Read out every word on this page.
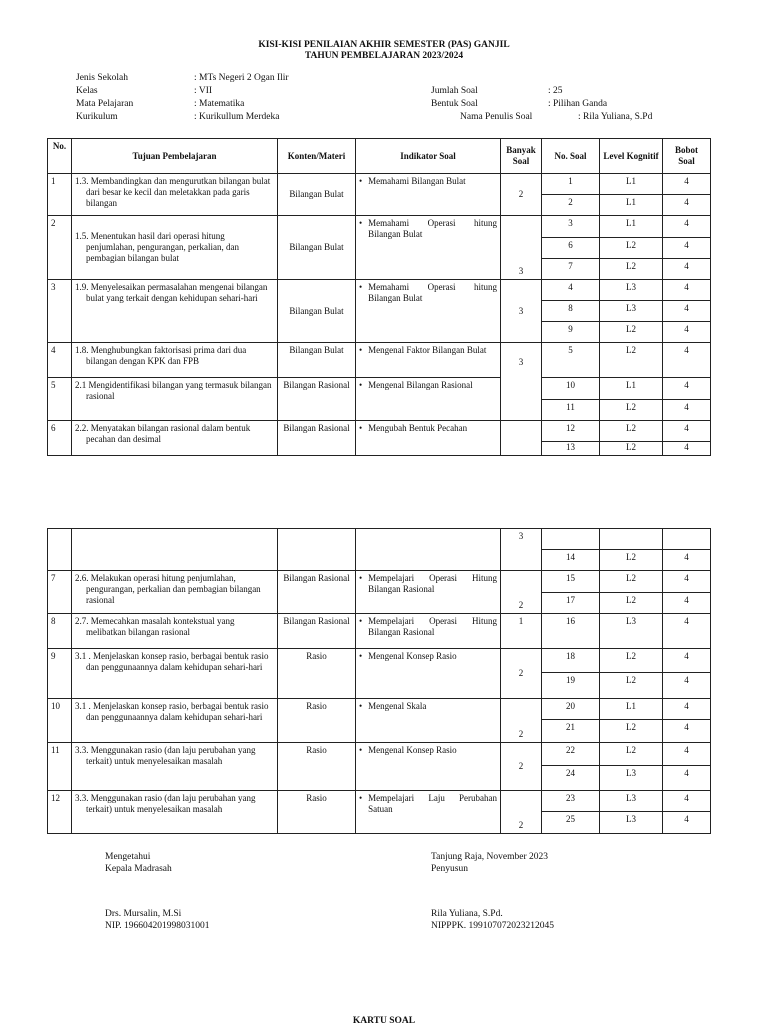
KISI-KISI PENILAIAN AKHIR SEMESTER (PAS) GANJIL
TAHUN PEMBELAJARAN 2023/2024
Jenis Sekolah	: MTs Negeri 2 Ogan Ilir
Kelas	: VII
Mata Pelajaran	: Matematika
Kurikulum	: Kurikullum Merdeka
Jumlah Soal	: 25
Bentuk Soal	: Pilihan Ganda
Nama Penulis Soal	: Rila Yuliana, S.Pd
No.	Tujuan Pembelajaran	Konten/Materi	Indikator Soal	Banyak Soal	No. Soal	Level Kognitif	Bobot Soal
1	1.3. Membandingkan dan mengurutkan bilangan bulat dari besar ke kecil dan meletakkan pada garis bilangan	Bilangan Bulat	• Memahami Bilangan Bulat	2	1	L1	4
					2	L1	4
2	1.5. Menentukan hasil dari operasi hitung penjumlahan, pengurangan, perkalian, dan pembagian bilangan bulat	Bilangan Bulat	• Memahami Operasi hitung Bilangan Bulat	3	3	L1	4
					6	L2	4
					7	L2	4
3	1.9. Menyelesaikan permasalahan mengenai bilangan bulat yang terkait dengan kehidupan sehari-hari	Bilangan Bulat	• Memahami Operasi hitung Bilangan Bulat	3	4	L3	4
					8	L3	4
					9	L2	4
4	1.8. Menghubungkan faktorisasi prima dari dua bilangan dengan KPK dan FPB	Bilangan Bulat	• Mengenal Faktor Bilangan Bulat	3	5	L2	4
5	2.1 Mengidentifikasi bilangan yang termasuk bilangan rasional	Bilangan Rasional	• Mengenal Bilangan Rasional		10	L1	4
					11	L2	4
6	2.2. Menyatakan bilangan rasional dalam bentuk pecahan dan desimal	Bilangan Rasional	• Mengubah Bentuk Pecahan		12	L2	4
					13	L2	4
				3			
					14	L2	4
7	2.6. Melakukan operasi hitung penjumlahan, pengurangan, perkalian dan pembagian bilangan rasional	Bilangan Rasional	• Mempelajari Operasi Hitung Bilangan Rasional	2	15	L2	4
					17	L2	4
8	2.7. Memecahkan masalah kontekstual yang melibatkan bilangan rasional	Bilangan Rasional	• Mempelajari Operasi Hitung Bilangan Rasional	1	16	L3	4
9	3.1 . Menjelaskan konsep rasio, berbagai bentuk rasio dan penggunaannya dalam kehidupan sehari-hari	Rasio	• Mengenal Konsep Rasio	2	18	L2	4
					19	L2	4
10	3.1 . Menjelaskan konsep rasio, berbagai bentuk rasio dan penggunaannya dalam kehidupan sehari-hari	Rasio	• Mengenal Skala	2	20	L1	4
					21	L2	4
11	3.3. Menggunakan rasio (dan laju perubahan yang terkait) untuk menyelesaikan masalah	Rasio	• Mengenal Konsep Rasio	2	22	L2	4
					24	L3	4
12	3.3. Menggunakan rasio (dan laju perubahan yang terkait) untuk menyelesaikan masalah	Rasio	• Mempelajari Laju Perubahan Satuan	2	23	L3	4
					25	L3	4
Mengetahui
Kepala Madrasah
Drs. Mursalin, M.Si
NIP. 196604201998031001
Tanjung Raja, November 2023
Penyusun
Rila Yuliana, S.Pd.
NIPPPK. 199107072023212045
KARTU SOAL
